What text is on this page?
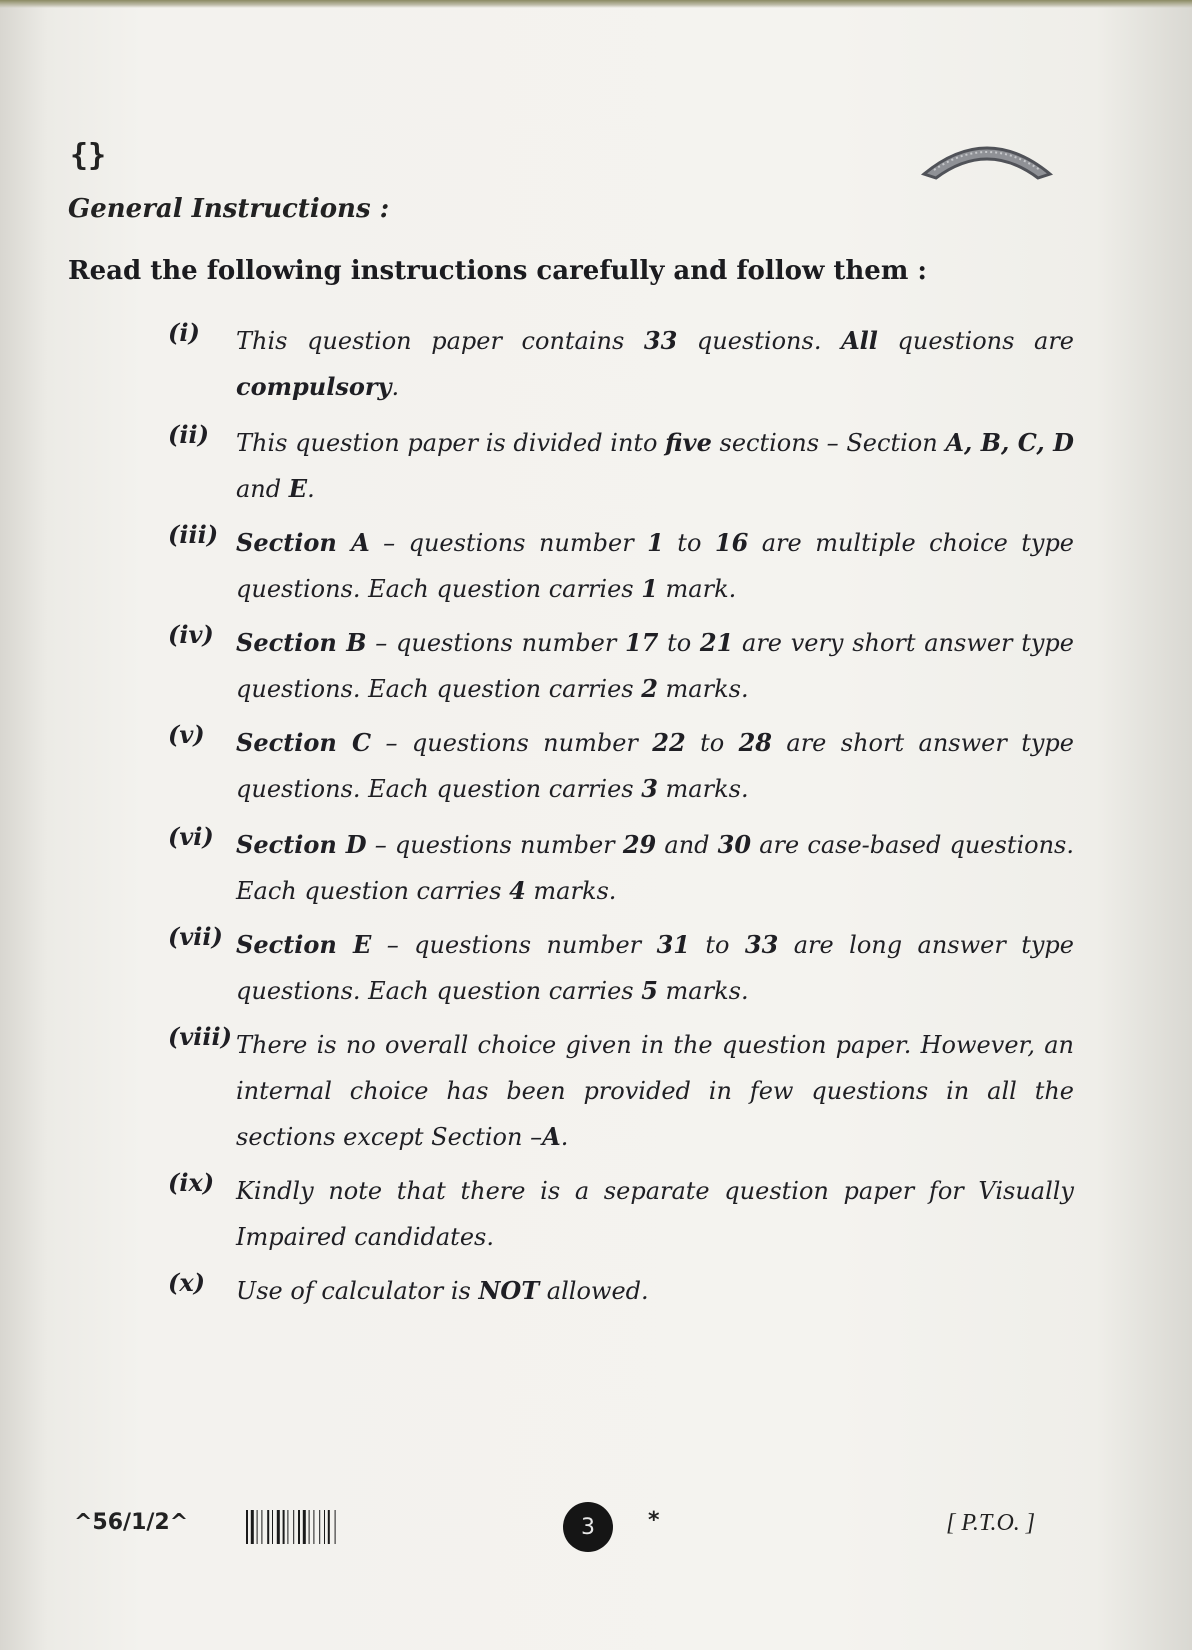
{}
General Instructions :
Read the following instructions carefully and follow them :
(i)	This question paper contains 33 questions. All questions are compulsory.
(ii)	This question paper is divided into five sections – Section A, B, C, D and E.
(iii) Section A – questions number 1 to 16 are multiple choice type questions. Each question carries 1 mark.
(iv) Section B – questions number 17 to 21 are very short answer type questions. Each question carries 2 marks.
(v)	Section C – questions number 22 to 28 are short answer type questions. Each question carries 3 marks.
(vi) Section D – questions number 29 and 30 are case-based questions. Each question carries 4 marks.
(vii) Section E – questions number 31 to 33 are long answer type questions. Each question carries 5 marks.
(viii) There is no overall choice given in the question paper. However, an internal choice has been provided in few questions in all the sections except Section –A.
(ix) Kindly note that there is a separate question paper for Visually Impaired candidates.
(x)	Use of calculator is NOT allowed.
^56/1/2^	3	*	[ P.T.O. ]
